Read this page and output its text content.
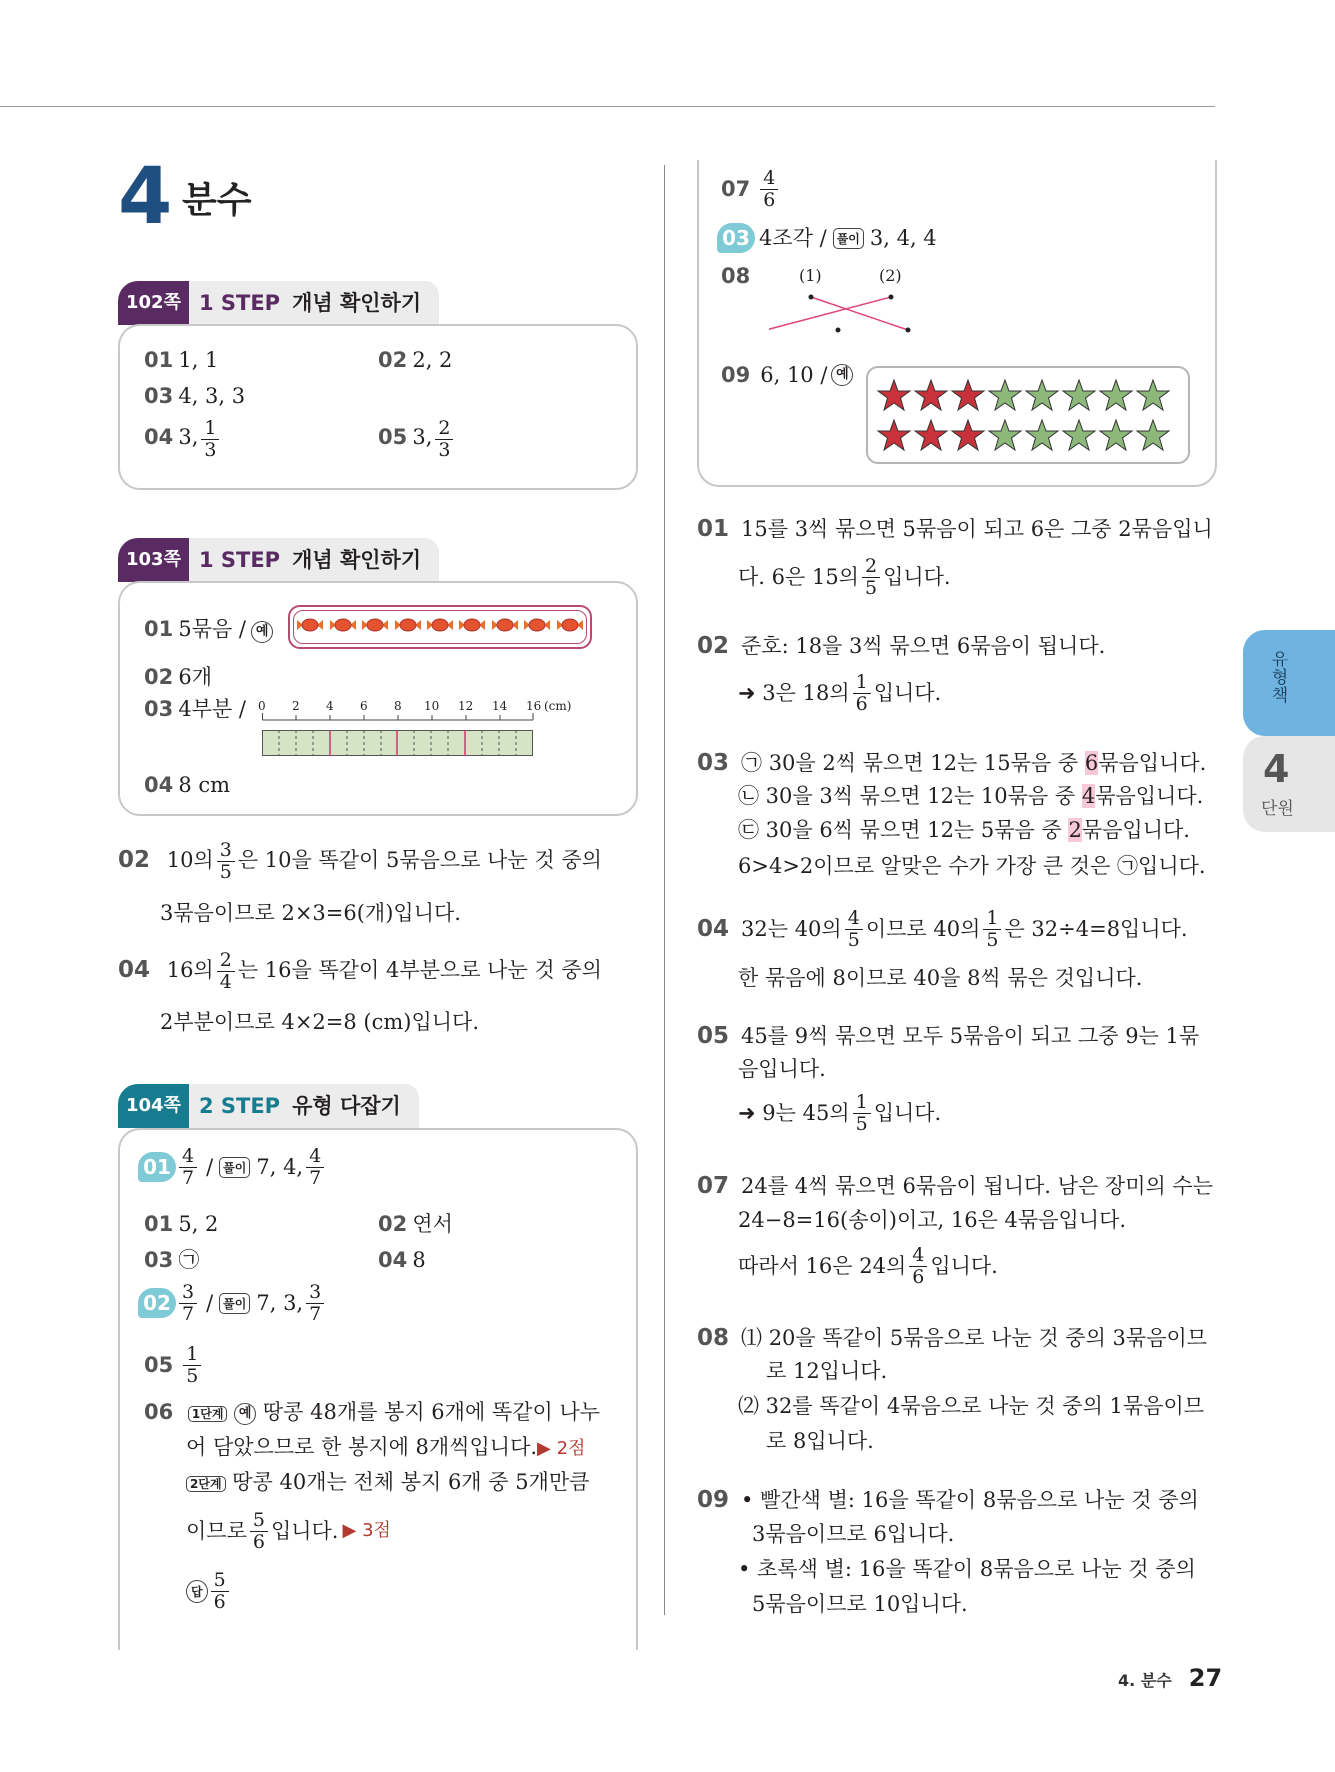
4 분수
102쪽 1 STEP 개념 확인하기
01 1, 1	02 2, 2
03 4, 3, 3
04 3, $\frac{1}{3}$	05 3, $\frac{2}{3}$
103쪽 1 STEP 개념 확인하기
01 5묶음 / 예
02 6개
03 4부분 / 0 2 4 6 8 10 12 14 16 (cm)
04 8 cm
02 10의 $\frac{3}{5}$ 은 10을 똑같이 5묶음으로 나눈 것 중의
3묶음이므로 2×3=6(개)입니다.
04 16의 $\frac{2}{4}$ 는 16을 똑같이 4부분으로 나눈 것 중의
2부분이므로 4×2=8 (cm)입니다.
104쪽 2 STEP 유형 다잡기
$01 \frac{4}{7}$ / 풀이 7, 4, $\frac{4}{7}$
01 5, 2	02 연서
03 ㉠	04 8
$02 \frac{3}{7}$ / 풀이 7, 3, $\frac{3}{7}$
$05 \frac{1}{5}$
06 1단계 예 땅콩 48개를 봉지 6개에 똑같이 나누
어 담았으므로 한 봉지에 8개씩입니다.▶ 2점
2단계 땅콩 40개는 전체 봉지 6개 중 5개만큼
이므로 $\frac{5}{6}$ 입니다. ▶ 3점
답 $\frac{5}{6}$
$07 \frac{4}{6}$
03 4조각 / 풀이 3, 4, 4
08	(1)	(2)
09 6, 10 / 예
01 15를 3씩 묶으면 5묶음이 되고 6은 그중 2묶음입니
다. 6은 15의 $\frac{2}{5}$ 입니다.
02 준호: 18을 3씩 묶으면 6묶음이 됩니다.
➜ 3은 18의 $\frac{1}{6}$ 입니다.
03 ㉠ 30을 2씩 묶으면 12는 15묶음 중 6묶음입니다.
㉡ 30을 3씩 묶으면 12는 10묶음 중 4묶음입니다.
㉢ 30을 6씩 묶으면 12는 5묶음 중 2묶음입니다.
6>4>2이므로 알맞은 수가 가장 큰 것은 ㉠입니다.
04 32는 40의 $\frac{4}{5}$ 이므로 40의 $\frac{1}{5}$ 은 32÷4=8입니다.
한 묶음에 8이므로 40을 8씩 묶은 것입니다.
05 45를 9씩 묶으면 모두 5묶음이 되고 그중 9는 1묶
음입니다.
➜ 9는 45의 $\frac{1}{5}$ 입니다.
07 24를 4씩 묶으면 6묶음이 됩니다. 남은 장미의 수는
24−8=16(송이)이고, 16은 4묶음입니다.
따라서 16은 24의 $\frac{4}{6}$ 입니다.
08 ⑴ 20을 똑같이 5묶음으로 나눈 것 중의 3묶음이므
로 12입니다.
⑵ 32를 똑같이 4묶음으로 나눈 것 중의 1묶음이므
로 8입니다.
09 • 빨간색 별: 16을 똑같이 8묶음으로 나눈 것 중의
3묶음이므로 6입니다.
• 초록색 별: 16을 똑같이 8묶음으로 나눈 것 중의
5묶음이므로 10입니다.
유형책
4
단원
4. 분수 27
